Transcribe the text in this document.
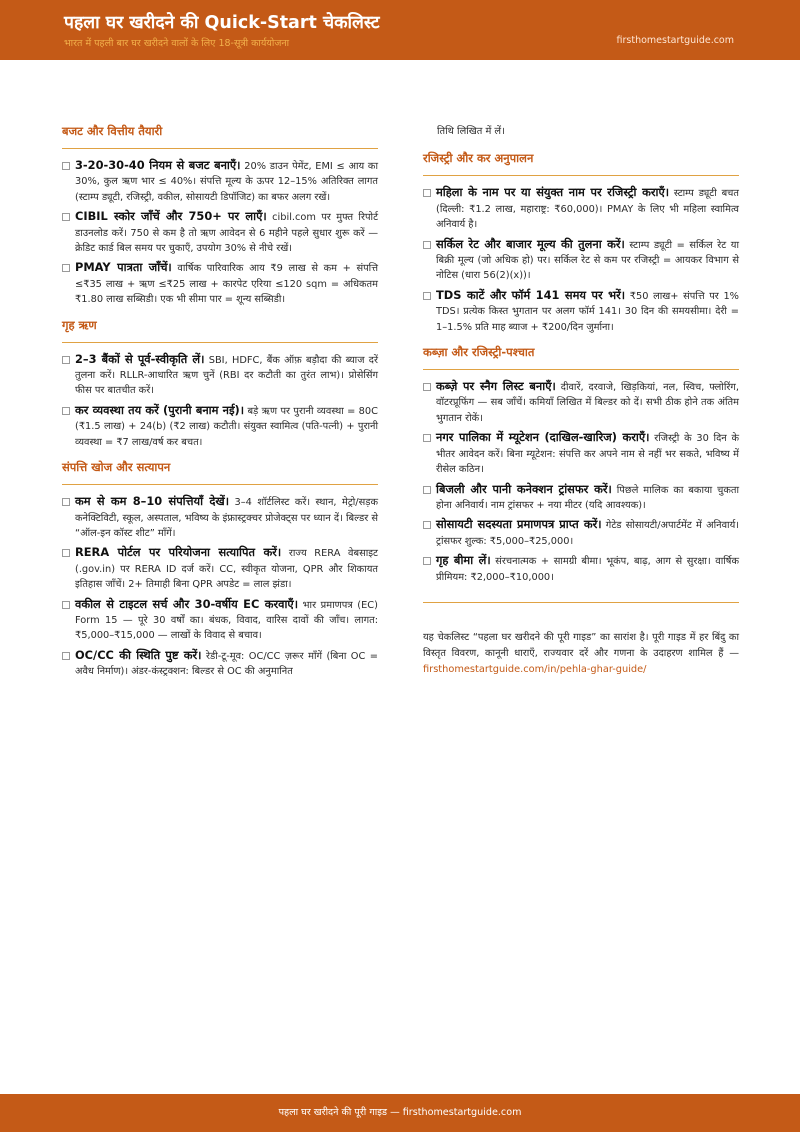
पहला घर खरीदने की Quick-Start चेकलिस्ट
भारत में पहली बार घर खरीदने वालों के लिए 18-सूत्री कार्ययोजना	firsthomestartguide.com
बजट और वित्तीय तैयारी
3-20-30-40 नियम से बजट बनाएँ। 20% डाउन पेमेंट, EMI ≤ आय का 30%, कुल ऋण भार ≤ 40%। संपत्ति मूल्य के ऊपर 12–15% अतिरिक्त लागत (स्टाम्प ड्यूटी, रजिस्ट्री, वकील, सोसायटी डिपॉजिट) का बफर अलग रखें।
CIBIL स्कोर जाँचें और 750+ पर लाएँ। cibil.com पर मुफ्त रिपोर्ट डाउनलोड करें। 750 से कम है तो ऋण आवेदन से 6 महीने पहले सुधार शुरू करें — क्रेडिट कार्ड बिल समय पर चुकाएँ, उपयोग 30% से नीचे रखें।
PMAY पात्रता जाँचें। वार्षिक पारिवारिक आय ₹9 लाख से कम + संपत्ति ≤₹35 लाख + ऋण ≤₹25 लाख + कारपेट एरिया ≤120 sqm = अधिकतम ₹1.80 लाख सब्सिडी। एक भी सीमा पार = शून्य सब्सिडी।
गृह ऋण
2–3 बैंकों से पूर्व-स्वीकृति लें। SBI, HDFC, बैंक ऑफ़ बड़ौदा की ब्याज दरें तुलना करें। RLLR-आधारित ऋण चुनें (RBI दर कटौती का तुरंत लाभ)। प्रोसेसिंग फीस पर बातचीत करें।
कर व्यवस्था तय करें (पुरानी बनाम नई)। बड़े ऋण पर पुरानी व्यवस्था = 80C (₹1.5 लाख) + 24(b) (₹2 लाख) कटौती। संयुक्त स्वामित्व (पति-पत्नी) + पुरानी व्यवस्था = ₹7 लाख/वर्ष कर बचत।
संपत्ति खोज और सत्यापन
कम से कम 8–10 संपत्तियाँ देखें। 3–4 शॉर्टलिस्ट करें। स्थान, मेट्रो/सड़क कनेक्टिविटी, स्कूल, अस्पताल, भविष्य के इंफ्रास्ट्रक्चर प्रोजेक्ट्स पर ध्यान दें। बिल्डर से “ऑल-इन कॉस्ट शीट” माँगें।
RERA पोर्टल पर परियोजना सत्यापित करें। राज्य RERA वेबसाइट (.gov.in) पर RERA ID दर्ज करें। CC, स्वीकृत योजना, QPR और शिकायत इतिहास जाँचें। 2+ तिमाही बिना QPR अपडेट = लाल झंडा।
वकील से टाइटल सर्च और 30-वर्षीय EC करवाएँ। भार प्रमाणपत्र (EC) Form 15 — पूरे 30 वर्षों का। बंधक, विवाद, वारिस दावों की जाँच। लागत: ₹5,000–₹15,000 — लाखों के विवाद से बचाव।
OC/CC की स्थिति पुष्ट करें। रेडी-टू-मूव: OC/CC ज़रूर माँगें (बिना OC = अवैध निर्माण)। अंडर-कंस्ट्रक्शन: बिल्डर से OC की अनुमानित
तिथि लिखित में लें।
रजिस्ट्री और कर अनुपालन
महिला के नाम पर या संयुक्त नाम पर रजिस्ट्री कराएँ। स्टाम्प ड्यूटी बचत (दिल्ली: ₹1.2 लाख, महाराष्ट्र: ₹60,000)। PMAY के लिए भी महिला स्वामित्व अनिवार्य है।
सर्किल रेट और बाजार मूल्य की तुलना करें। स्टाम्प ड्यूटी = सर्किल रेट या बिक्री मूल्य (जो अधिक हो) पर। सर्किल रेट से कम पर रजिस्ट्री = आयकर विभाग से नोटिस (धारा 56(2)(x))।
TDS काटें और फॉर्म 141 समय पर भरें। ₹50 लाख+ संपत्ति पर 1% TDS। प्रत्येक किस्त भुगतान पर अलग फॉर्म 141। 30 दिन की समयसीमा। देरी = 1–1.5% प्रति माह ब्याज + ₹200/दिन जुर्माना।
कब्ज़ा और रजिस्ट्री-पश्चात
कब्ज़े पर स्नैग लिस्ट बनाएँ। दीवारें, दरवाजे, खिड़कियां, नल, स्विच, फ्लोरिंग, वॉटरप्रूफिंग — सब जाँचें। कमियाँ लिखित में बिल्डर को दें। सभी ठीक होने तक अंतिम भुगतान रोकें।
नगर पालिका में म्यूटेशन (दाखिल-खारिज) कराएँ। रजिस्ट्री के 30 दिन के भीतर आवेदन करें। बिना म्यूटेशन: संपत्ति कर अपने नाम से नहीं भर सकते, भविष्य में रीसेल कठिन।
बिजली और पानी कनेक्शन ट्रांसफर करें। पिछले मालिक का बकाया चुकता होना अनिवार्य। नाम ट्रांसफर + नया मीटर (यदि आवश्यक)।
सोसायटी सदस्यता प्रमाणपत्र प्राप्त करें। गेटेड सोसायटी/अपार्टमेंट में अनिवार्य। ट्रांसफर शुल्क: ₹5,000–₹25,000।
गृह बीमा लें। संरचनात्मक + सामग्री बीमा। भूकंप, बाढ़, आग से सुरक्षा। वार्षिक प्रीमियम: ₹2,000–₹10,000।
यह चेकलिस्ट “पहला घर खरीदने की पूरी गाइड” का सारांश है। पूरी गाइड में हर बिंदु का विस्तृत विवरण, कानूनी धाराएँ, राज्यवार दरें और गणना के उदाहरण शामिल हैं — firsthomestartguide.com/in/pehla-ghar-guide/
पहला घर खरीदने की पूरी गाइड — firsthomestartguide.com
